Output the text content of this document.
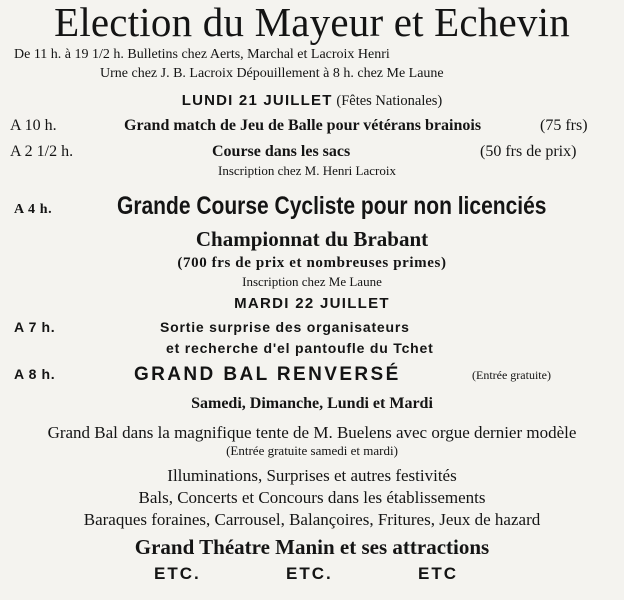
Election du Mayeur et Echevin
De 11 h. à 19 1/2 h. Bulletins chez Aerts, Marchal et Lacroix Henri
Urne chez J. B. Lacroix Dépouillement à 8 h. chez Me Laune
LUNDI 21 JUILLET (Fêtes Nationales)
A 10 h.	Grand match de Jeu de Balle pour vétérans brainois	(75 frs)
A 2 1/2 h.	Course dans les sacs	(50 frs de prix)
Inscription chez M. Henri Lacroix
A 4 h.	Grande Course Cycliste pour non licenciés
Championnat du Brabant
(700 frs de prix et nombreuses primes)
Inscription chez Me Laune
MARDI 22 JUILLET
A 7 h.	Sortie surprise des organisateurs
et recherche d'el pantoufle du Tchet
A 8 h.	GRAND BAL RENVERSÉ	(Entrée gratuite)
Samedi, Dimanche, Lundi et Mardi
Grand Bal dans la magnifique tente de M. Buelens avec orgue dernier modèle
(Entrée gratuite samedi et mardi)
Illuminations, Surprises et autres festivités
Bals, Concerts et Concours dans les établissements
Baraques foraines, Carrousel, Balançoires, Fritures, Jeux de hazard
Grand Théatre Manin et ses attractions
ETC.	ETC.	ETC
